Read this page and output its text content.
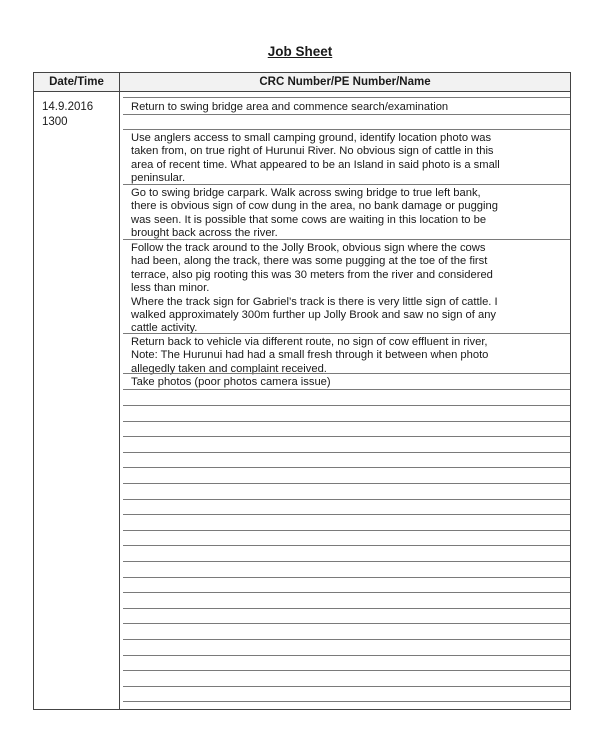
Job Sheet
Date/Time	CRC Number/PE Number/Name
14.9.2016
1300
Return to swing bridge area and commence search/examination
Use anglers access to small camping ground, identify location photo was
taken from, on true right of Hurunui River. No obvious sign of cattle in this
area of recent time. What appeared to be an Island in said photo is a small
peninsular.
Go to swing bridge carpark. Walk across swing bridge to true left bank,
there is obvious sign of cow dung in the area, no bank damage or pugging
was seen. It is possible that some cows are waiting in this location to be
brought back across the river.
Follow the track around to the Jolly Brook, obvious sign where the cows
had been, along the track, there was some pugging at the toe of the first
terrace, also pig rooting this was 30 meters from the river and considered
less than minor.
Where the track sign for Gabriel’s track is there is very little sign of cattle. I
walked approximately 300m further up Jolly Brook and saw no sign of any
cattle activity.
Return back to vehicle via different route, no sign of cow effluent in river,
Note: The Hurunui had had a small fresh through it between when photo
allegedly taken and complaint received.
Take photos (poor photos camera issue)
